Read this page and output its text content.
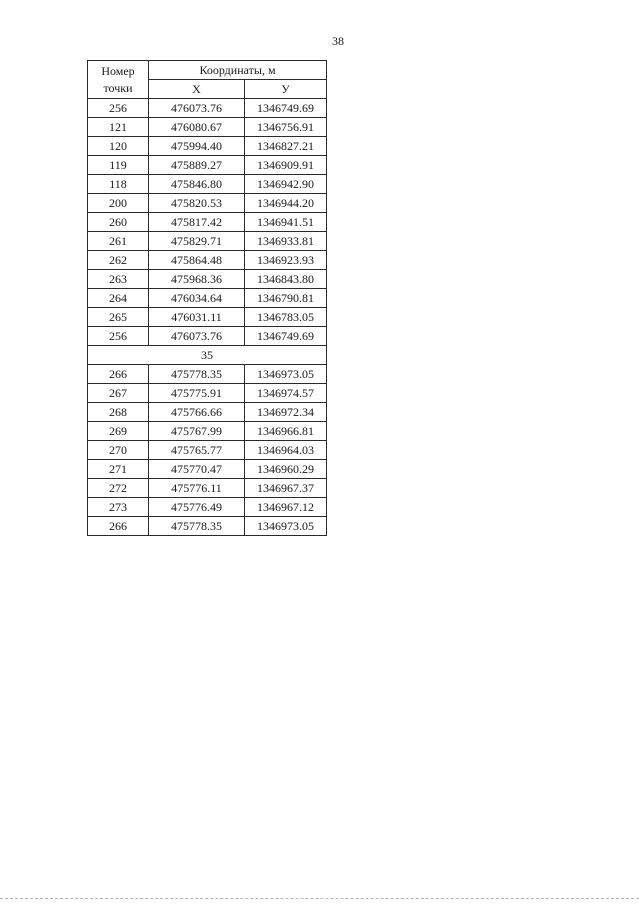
38
Номер
точки	Координаты, м	
	X	У
256	476073.76	1346749.69
121	476080.67	1346756.91
120	475994.40	1346827.21
119	475889.27	1346909.91
118	475846.80	1346942.90
200	475820.53	1346944.20
260	475817.42	1346941.51
261	475829.71	1346933.81
262	475864.48	1346923.93
263	475968.36	1346843.80
264	476034.64	1346790.81
265	476031.11	1346783.05
256	476073.76	1346749.69
35		
266	475778.35	1346973.05
267	475775.91	1346974.57
268	475766.66	1346972.34
269	475767.99	1346966.81
270	475765.77	1346964.03
271	475770.47	1346960.29
272	475776.11	1346967.37
273	475776.49	1346967.12
266	475778.35	1346973.05
